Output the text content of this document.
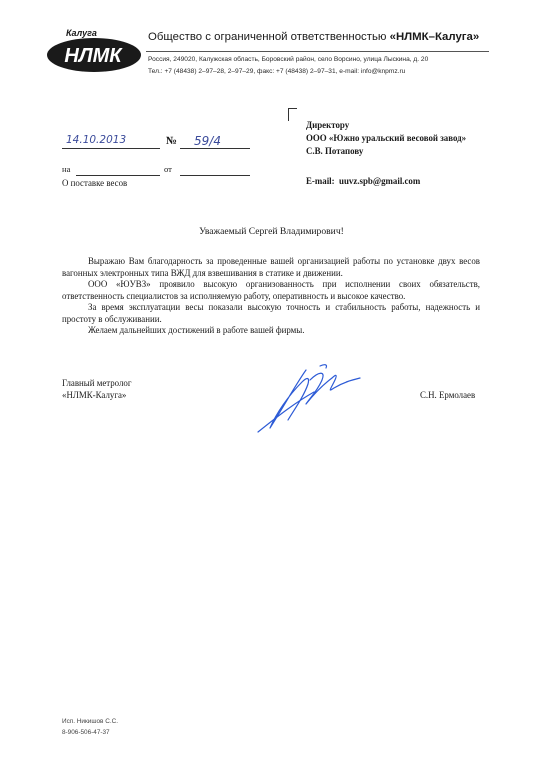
Калуга
НЛМК
Общество с ограниченной ответственностью «НЛМК–Калуга»
Россия, 249020, Калужская область, Боровский район, село Ворсино, улица Лыскина, д. 20
Тел.: +7 (48438) 2–97–28, 2–97–29, факс: +7 (48438) 2–97–31, e-mail: info@knpmz.ru
14.10.2013	№ 59/4
на	от
О поставке весов
Директору
ООО «Южно уральский весовой завод»
С.В. Потапову
E-mail: uuvz.spb@gmail.com
Уважаемый Сергей Владимирович!

Выражаю Вам благодарность за проведенные вашей организацией работы по установке двух весов вагонных электронных типа ВЖД для взвешивания в статике и движении.

ООО «ЮУВЗ» проявило высокую организованность при исполнении своих обязательств, ответственность специалистов за исполняемую работу, оперативность и высокое качество.

За время эксплуатации весы показали высокую точность и стабильность работы, надежность и простоту в обслуживании.

Желаем дальнейших достижений в работе вашей фирмы.

Главный метролог
«НЛМК-Калуга»	С.Н. Ермолаев
Исп. Никишов С.С.
8-906-506-47-37
